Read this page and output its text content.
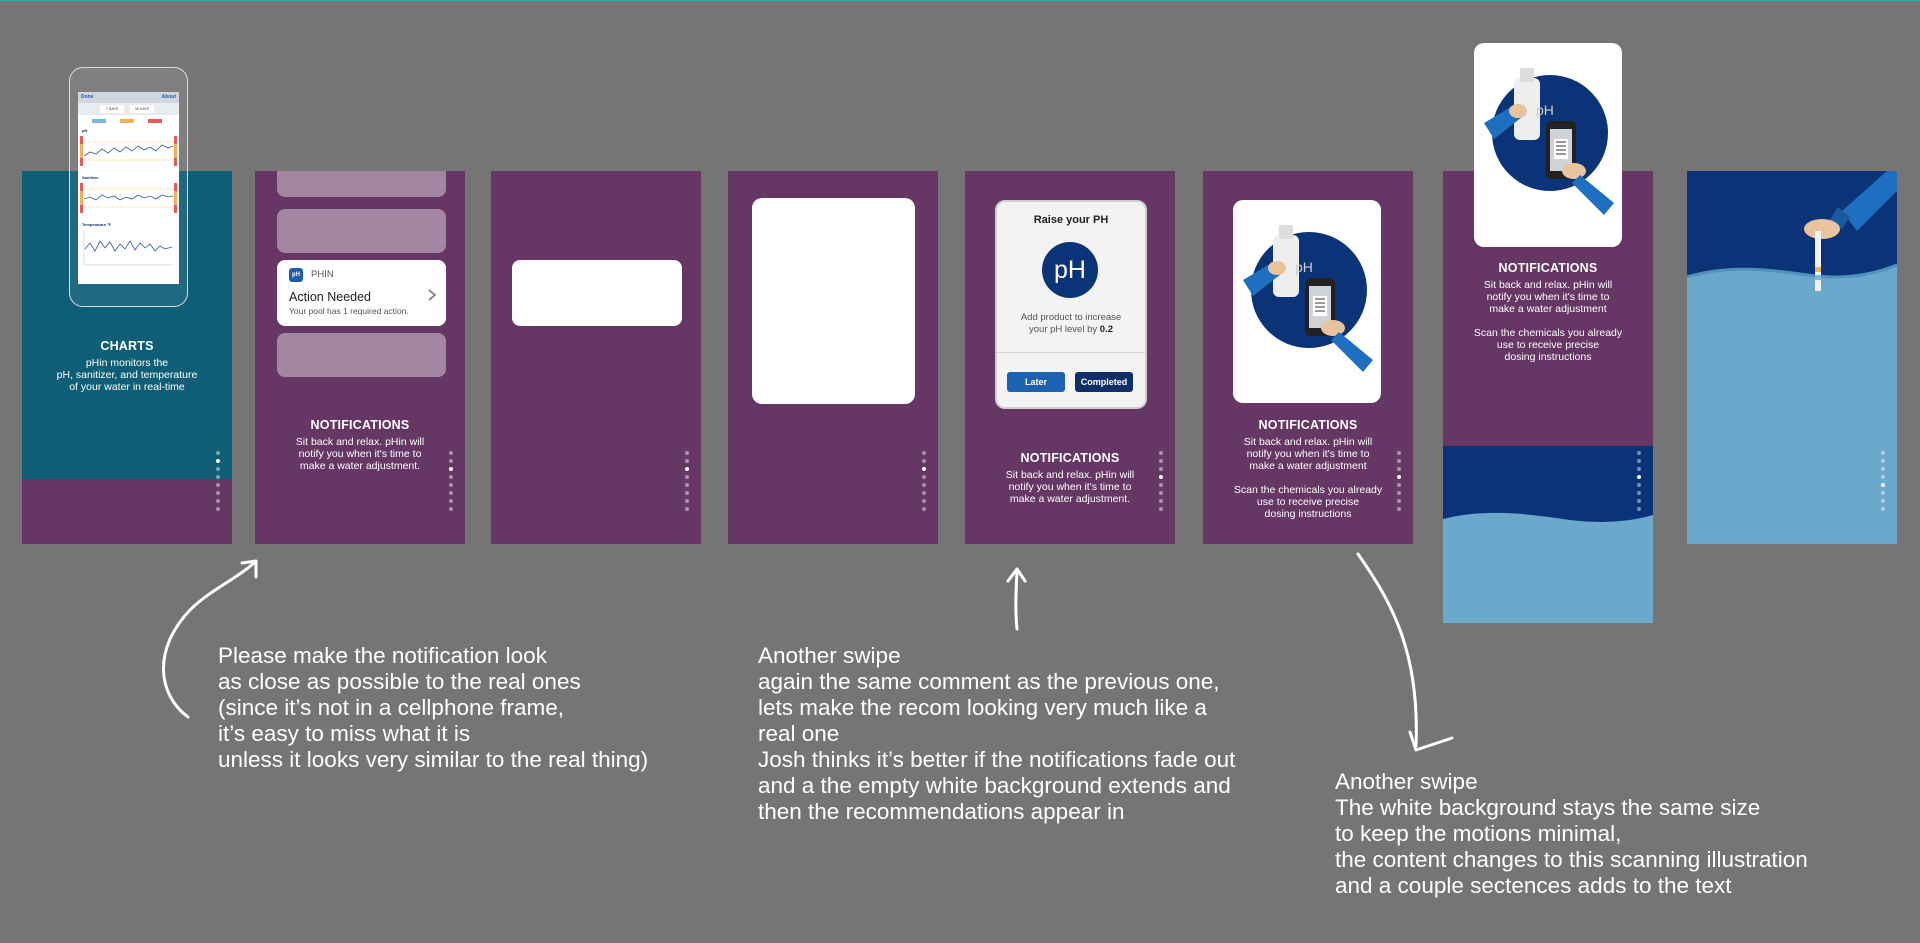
CHARTS
pHin monitors the
pH, sanitizer, and temperature
of your water in real-time
Done	About
7 DAYS	30 DAYS
pH
Sanitizer
Temperature °F
pH	PHIN
Action Needed
Your pool has 1 required action.
NOTIFICATIONS
Sit back and relax. pHin will
notify you when it's time to
make a water adjustment.
Raise your PH
pH
Add product to increase
your pH level by 0.2
Later	Completed
NOTIFICATIONS
Sit back and relax. pHin will
notify you when it's time to
make a water adjustment.
pH
NOTIFICATIONS
Sit back and relax. pHin will
notify you when it's time to
make a water adjustment

Scan the chemicals you already
use to receive precise
dosing instructions
NOTIFICATIONS
Sit back and relax. pHin will
notify you when it's time to
make a water adjustment

Scan the chemicals you already
use to receive precise
dosing instructions
pH
Please make the notification look
as close as possible to the real ones
(since it’s not in a cellphone frame,
it’s easy to miss what it is
unless it looks very similar to the real thing)
Another swipe
again the same comment as the previous one,
lets make the recom looking very much like a
real one
Josh thinks it’s better if the notifications fade out
and a the empty white background extends and
then the recommendations appear in
Another swipe
The white background stays the same size
to keep the motions minimal,
the content changes to this scanning illustration
and a couple sectences adds to the text
